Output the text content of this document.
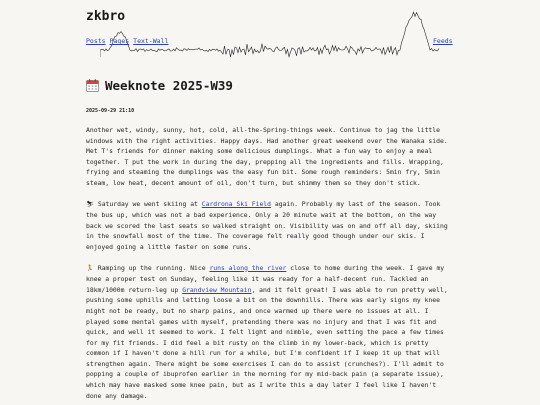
zkbro
Posts Pages Text-Wall	Feeds
Weeknote 2025-W39
2025-09-29 21:10

Another wet, windy, sunny, hot, cold, all-the-Spring-things week. Continue to jag the little windows with the right activities. Happy days. Had another great weekend over the Wanaka side. Met T's friends for dinner making some delicious dumplings. What a fun way to enjoy a meal together. T put the work in during the day, prepping all the ingredients and fills. Wrapping, frying and steaming the dumplings was the easy fun bit. Some rough reminders: 5min fry, 5min steam, low heat, decent amount of oil, don't turn, but shimmy them so they don't stick.

⛷ Saturday we went skiing at Cardrona Ski Field again. Probably my last of the season. Took the bus up, which was not a bad experience. Only a 20 minute wait at the bottom, on the way back we scored the last seats so walked straight on. Visibility was on and off all day, skiing in the snowfall most of the time. The coverage felt really good though under our skis. I enjoyed going a little faster on some runs.

🏃 Ramping up the running. Nice runs along the river close to home during the week. I gave my knee a proper test on Sunday, feeling like it was ready for a half-decent run. Tackled an 18km/1000m return-leg up Grandview Mountain, and it felt great! I was able to run pretty well, pushing some uphills and letting loose a bit on the downhills. There was early signs my knee might not be ready, but no sharp pains, and once warmed up there were no issues at all. I played some mental games with myself, pretending there was no injury and that I was fit and quick, and well it seemed to work. I felt light and nimble, even setting the pace a few times for my fit friends. I did feel a bit rusty on the climb in my lower-back, which is pretty common if I haven't done a hill run for a while, but I'm confident if I keep it up that will strengthen again. There might be some exercises I can do to assist (crunches?). I'll admit to popping a couple of ibuprofen earlier in the morning for my mid-back pain (a separate issue), which may have masked some knee pain, but as I write this a day later I feel like I haven't done any damage.
